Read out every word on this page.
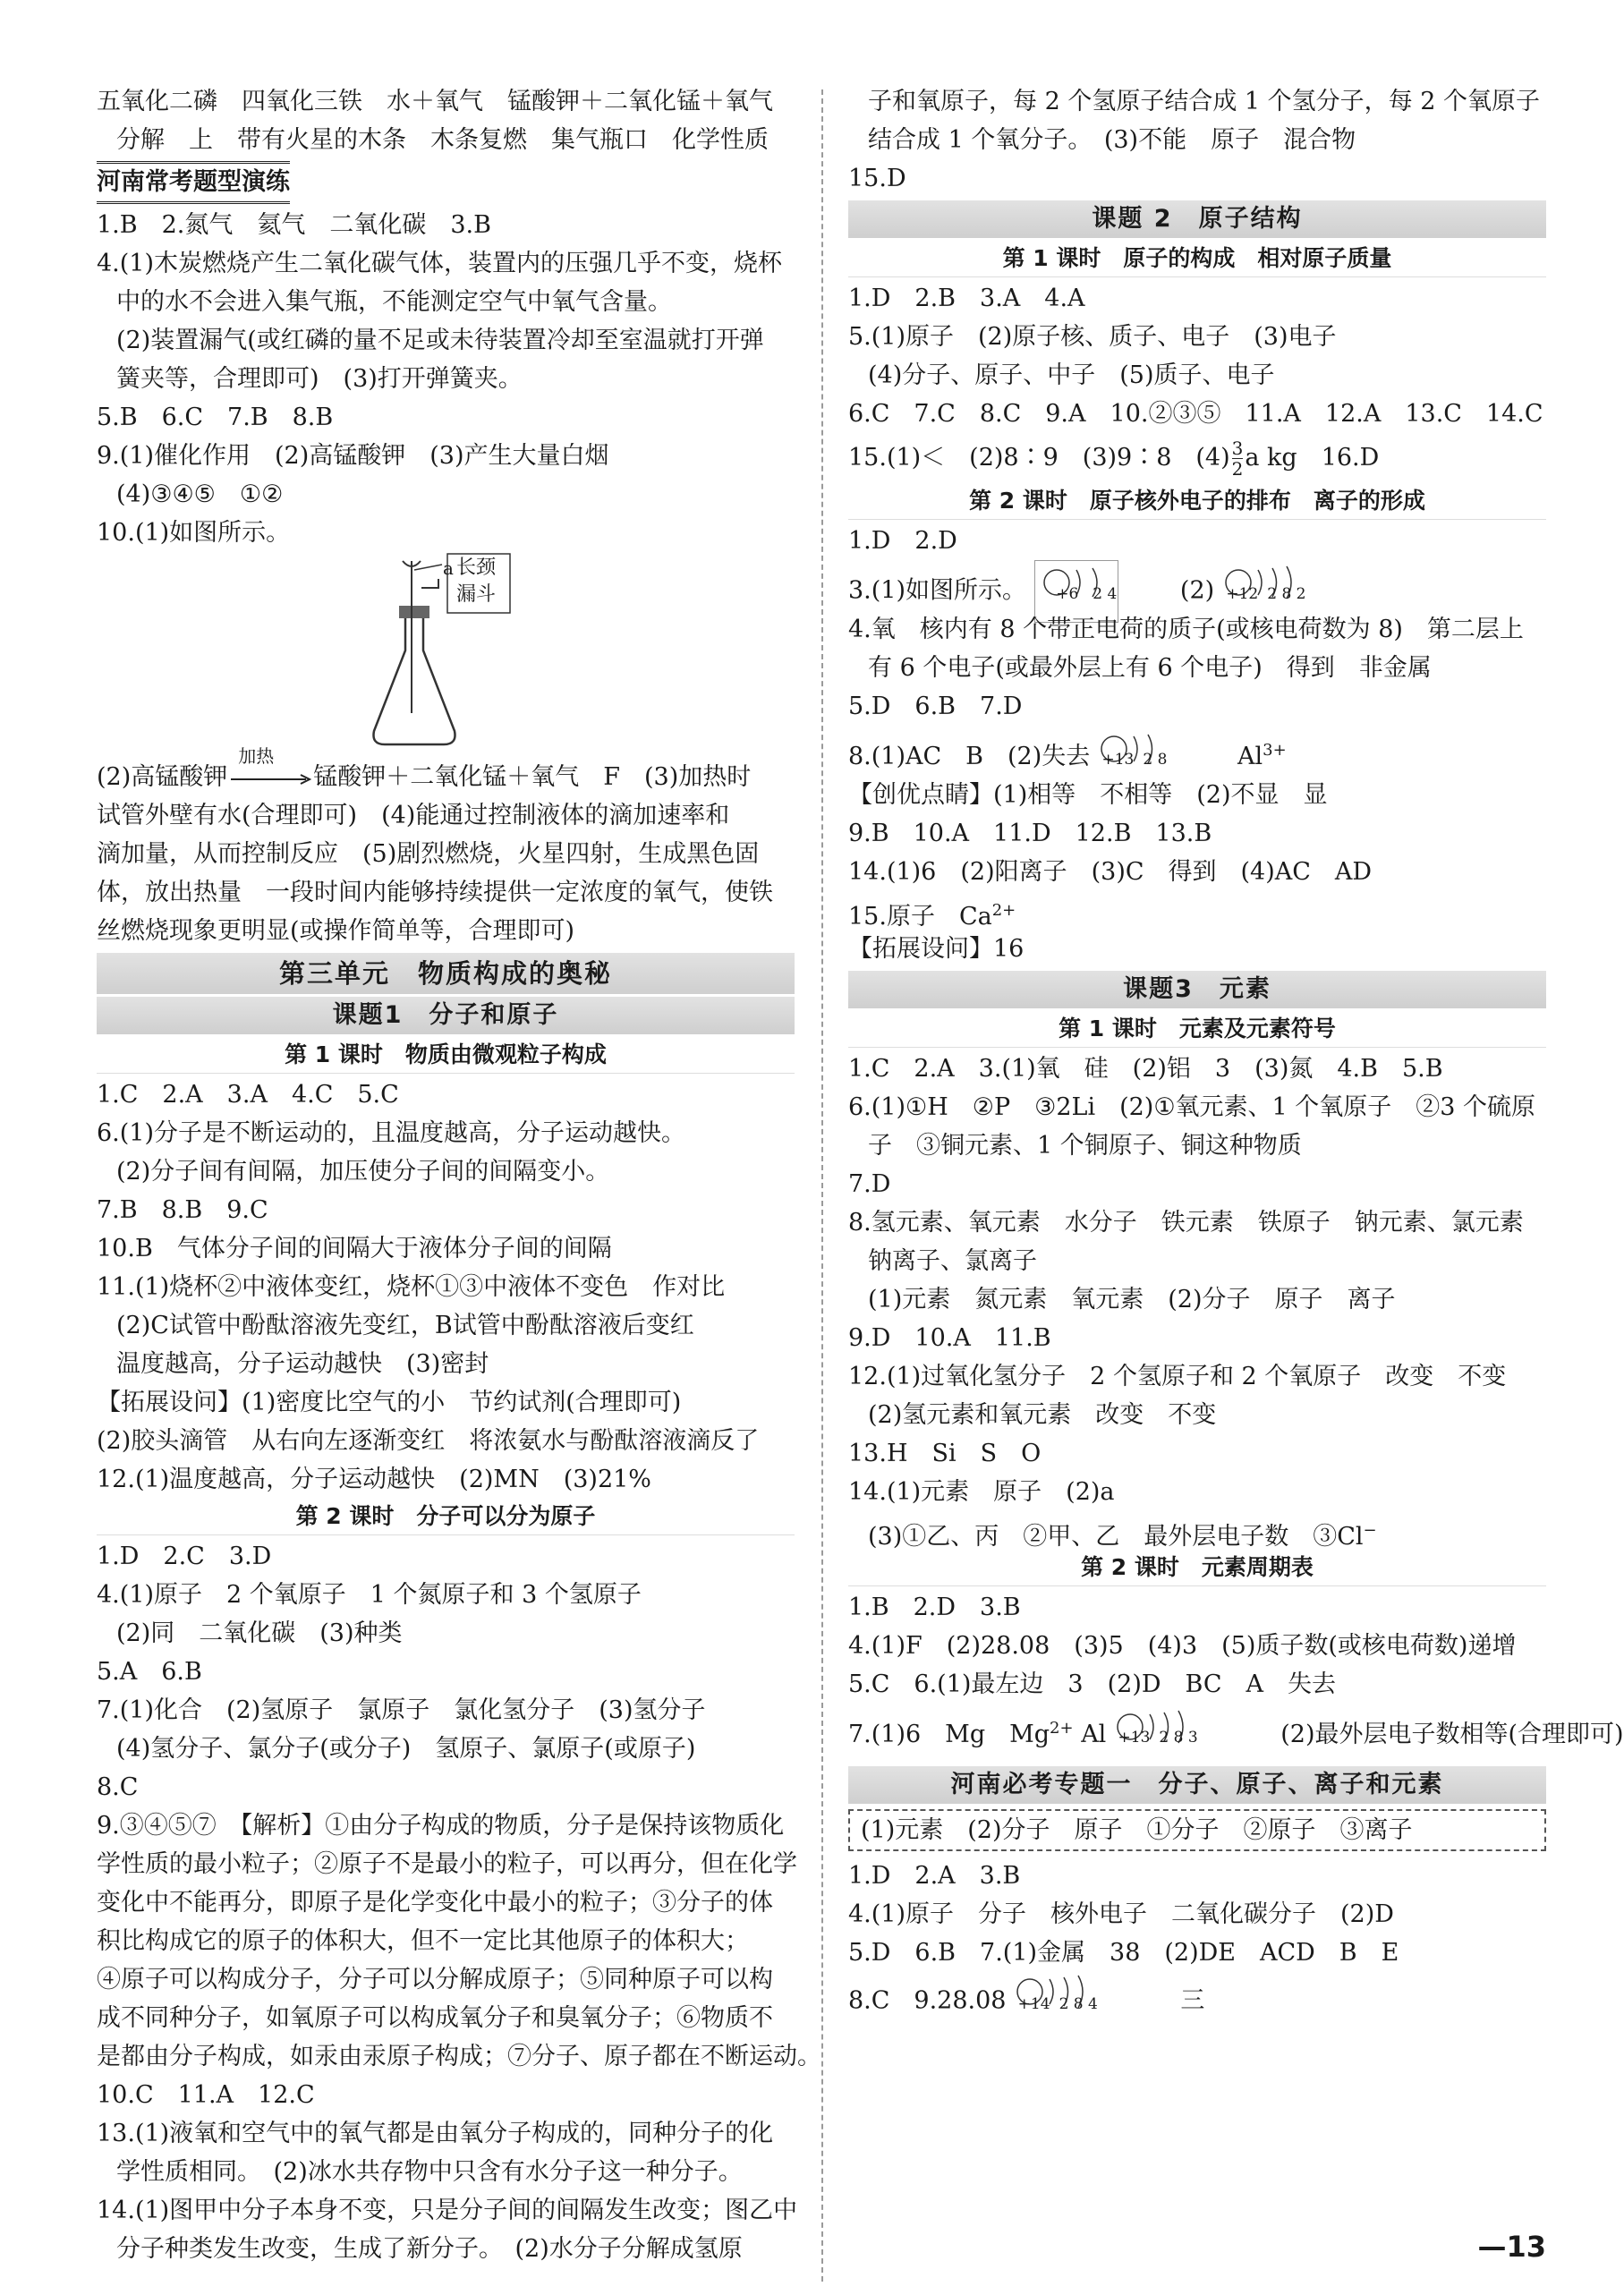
五氧化二磷　四氧化三铁　水＋氧气　锰酸钾＋二氧化锰＋氧气
分解　上　带有火星的木条　木条复燃　集气瓶口　化学性质
河南常考题型演练
1.B　2.氮气　氦气　二氧化碳　3.B
4.(1)木炭燃烧产生二氧化碳气体，装置内的压强几乎不变，烧杯
中的水不会进入集气瓶，不能测定空气中氧气含量。
(2)装置漏气(或红磷的量不足或未待装置冷却至室温就打开弹
簧夹等，合理即可)　(3)打开弹簧夹。
5.B　6.C　7.B　8.B
9.(1)催化作用　(2)高锰酸钾　(3)产生大量白烟
(4)③④⑤　①②
10.(1)如图所示。
a 长颈
漏斗
(2)高锰酸钾
加热
锰酸钾＋二氧化锰＋氧气　F　(3)加热时
试管外壁有水(合理即可)　(4)能通过控制液体的滴加速率和
滴加量，从而控制反应　(5)剧烈燃烧，火星四射，生成黑色固
体，放出热量　一段时间内能够持续提供一定浓度的氧气，使铁
丝燃烧现象更明显(或操作简单等，合理即可)
第三单元　物质构成的奥秘
课题1　分子和原子
第 1 课时　物质由微观粒子构成
1.C　2.A　3.A　4.C　5.C
6.(1)分子是不断运动的，且温度越高，分子运动越快。
(2)分子间有间隔，加压使分子间的间隔变小。
7.B　8.B　9.C
10.B　气体分子间的间隔大于液体分子间的间隔
11.(1)烧杯②中液体变红，烧杯①③中液体不变色　作对比
(2)C试管中酚酞溶液先变红，B试管中酚酞溶液后变红
温度越高，分子运动越快　(3)密封
【拓展设问】(1)密度比空气的小　节约试剂(合理即可)
(2)胶头滴管　从右向左逐渐变红　将浓氨水与酚酞溶液滴反了
12.(1)温度越高，分子运动越快　(2)MN　(3)21%
第 2 课时　分子可以分为原子
1.D　2.C　3.D
4.(1)原子　2 个氧原子　1 个氮原子和 3 个氢原子
(2)同　二氧化碳　(3)种类
5.A　6.B
7.(1)化合　(2)氢原子　氯原子　氯化氢分子　(3)氢分子
(4)氢分子、氯分子(或分子)　氢原子、氯原子(或原子)
8.C
9.③④⑤⑦　【解析】①由分子构成的物质，分子是保持该物质化
学性质的最小粒子；②原子不是最小的粒子，可以再分，但在化学
变化中不能再分，即原子是化学变化中最小的粒子；③分子的体
积比构成它的原子的体积大，但不一定比其他原子的体积大；
④原子可以构成分子，分子可以分解成原子；⑤同种原子可以构
成不同种分子，如氧原子可以构成氧分子和臭氧分子；⑥物质不
是都由分子构成，如汞由汞原子构成；⑦分子、原子都在不断运动。
10.C　11.A　12.C
13.(1)液氧和空气中的氧气都是由氧分子构成的，同种分子的化
学性质相同。　(2)冰水共存物中只含有水分子这一种分子。
14.(1)图甲中分子本身不变，只是分子间的间隔发生改变；图乙中
分子种类发生改变，生成了新分子。　(2)水分子分解成氢原
子和氧原子，每 2 个氢原子结合成 1 个氢分子，每 2 个氧原子
结合成 1 个氧分子。　(3)不能　原子　混合物
15.D
课题 2　原子结构
第 1 课时　原子的构成　相对原子质量
1.D　2.B　3.A　4.A
5.(1)原子　(2)原子核、质子、电子　(3)电子
(4)分子、原子、中子　(5)质子、电子
6.C　7.C　8.C　9.A　10.②③⑤　11.A　12.A　13.C　14.C
15.(1)＜　(2)8∶9　(3)9∶8　$(4) \frac{3}{2}$ a kg　16.D
第 2 课时　原子核外电子的排布　离子的形成
1.D　2.D
3.(1)如图所示。 +6 2 4	(2) +12 2 8 2
4.氧　核内有 8 个带正电荷的质子(或核电荷数为 8)　第二层上
有 6 个电子(或最外层上有 6 个电子)　得到　非金属
5.D　6.B　7.D
8.(1)AC　B　(2)失去 +13 2 8	$Al^{3+}$
【创优点睛】(1)相等　不相等　(2)不显　显
9.B　10.A　11.D　12.B　13.B
14.(1)6　(2)阳离子　(3)C　得到　(4)AC　AD
15.原子　$Ca^{2+}$
【拓展设问】16
课题3　元素
第 1 课时　元素及元素符号
1.C　2.A　3.(1)氧　硅　(2)铝　3　(3)氮　4.B　5.B
6.(1)①H　②P　③2Li　(2)①氧元素、1 个氧原子　②3 个硫原
子　③铜元素、1 个铜原子、铜这种物质
7.D
8.氢元素、氧元素　水分子　铁元素　铁原子　钠元素、氯元素
钠离子、氯离子
(1)元素　氮元素　氧元素　(2)分子　原子　离子
9.D　10.A　11.B
12.(1)过氧化氢分子　2 个氢原子和 2 个氧原子　改变　不变
(2)氢元素和氧元素　改变　不变
13.H　Si　S　O
14.(1)元素　原子　(2)a
(3)①乙、丙　②甲、乙　最外层电子数　③Cl−
第 2 课时　元素周期表
1.B　2.D　3.B
4.(1)F　(2)28.08　(3)5　(4)3　(5)质子数(或核电荷数)递增
5.C　6.(1)最左边　3　(2)D　BC　A　失去
7.(1)6　Mg　$Mg^{2+}$ Al +13 2 8 3	(2)最外层电子数相等(合理即可)
河南必考专题一　分子、原子、离子和元素
(1)元素　(2)分子　原子　①分子　②原子　③离子
1.D　2.A　3.B
4.(1)原子　分子　核外电子　二氧化碳分子　(2)D
5.D　6.B　7.(1)金属　38　(2)DE　ACD　B　E
8.C　9.28.08 +14 2 8 4	三
—13
